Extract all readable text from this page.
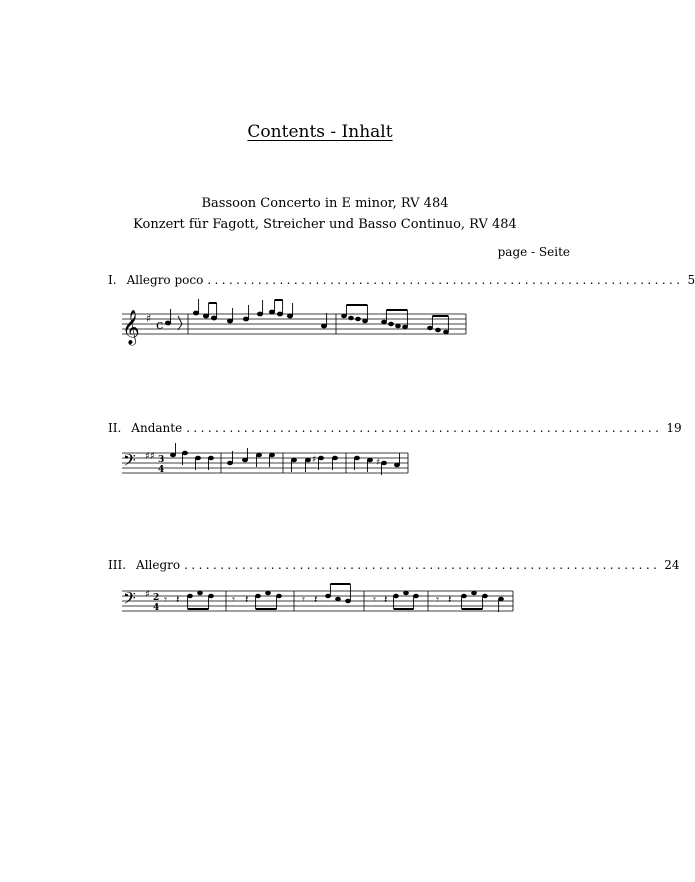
Contents - Inhalt
Bassoon Concerto in E minor, RV 484
Konzert für Fagott, Streicher und Basso Continuo, RV 484
page - Seite
I. Allegro poco .................................................................. 5
𝄞 ♯ c
II. Andante .................................................................. 19
𝄢 ♯♯ 3
4
♯	♯
III. Allegro .................................................................. 24
𝄢 ♯ 2
4
𝄾 𝄽	𝄾 𝄽	𝄾 𝄽	𝄾 𝄽	𝄾 𝄽
